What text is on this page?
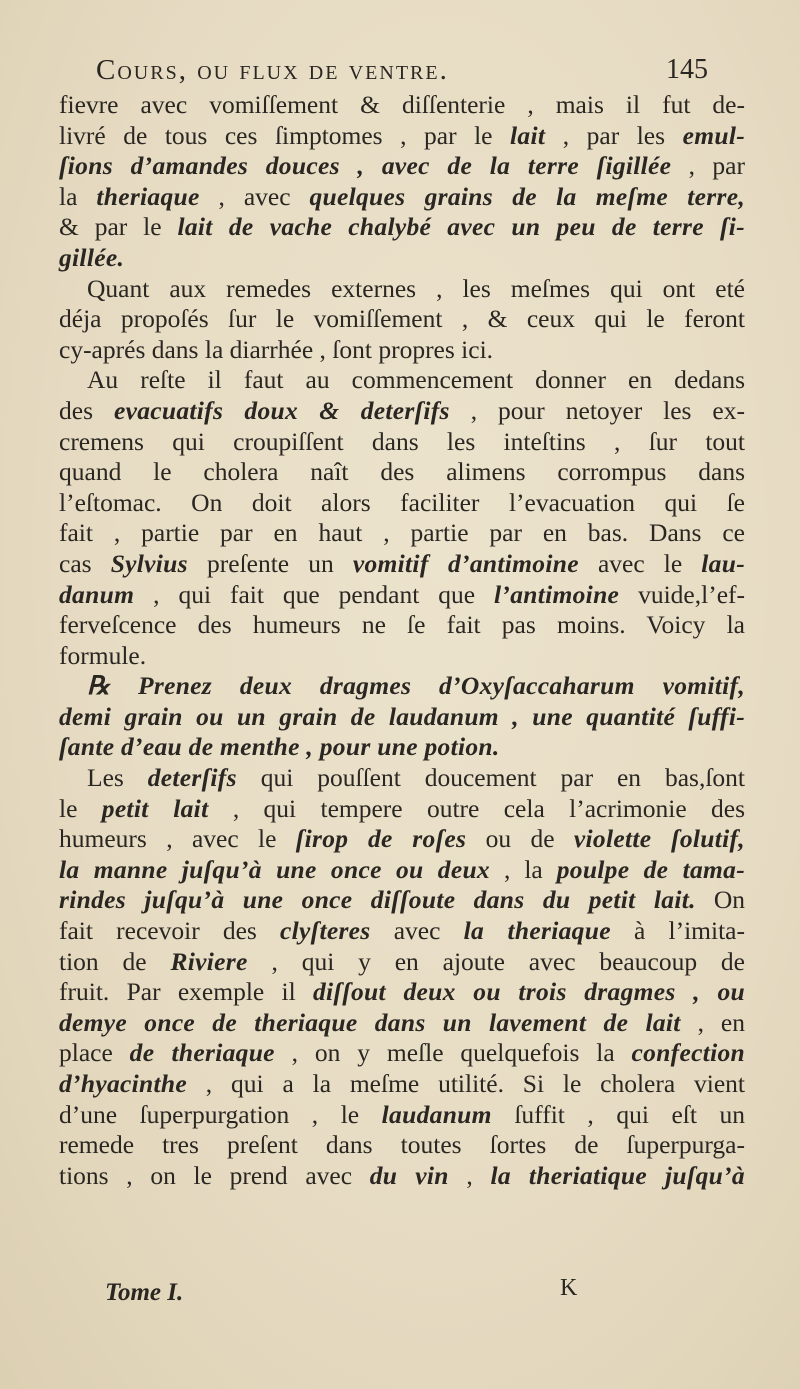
Cours, ou flux de ventre.	145
fievre avec vomiſſement & diſſenterie , mais il fut de-
livré de tous ces ſimptomes , par le lait , par les emul-
ſions d’amandes douces , avec de la terre ſigillée , par
la theriaque , avec quelques grains de la meſme terre,
& par le lait de vache chalybé avec un peu de terre ſi-
gillée.
Quant aux remedes externes , les meſmes qui ont eté
déja propoſés ſur le vomiſſement , & ceux qui le feront
cy-aprés dans la diarrhée , ſont propres ici.
Au reſte il faut au commencement donner en dedans
des evacuatifs doux & deterſifs , pour netoyer les ex-
cremens qui croupiſſent dans les inteſtins , ſur tout
quand le cholera naît des alimens corrompus dans
l’eſtomac. On doit alors faciliter l’evacuation qui ſe
fait , partie par en haut , partie par en bas. Dans ce
cas Sylvius preſente un vomitif d’antimoine avec le lau-
danum , qui fait que pendant que l’antimoine vuide,l’ef-
ferveſcence des humeurs ne ſe fait pas moins. Voicy la
formule.
℞ Prenez deux dragmes d’Oxyſaccaharum vomitif,
demi grain ou un grain de laudanum , une quantité ſuffi-
ſante d’eau de menthe , pour une potion.
Les deterſifs qui pouſſent doucement par en bas,ſont
le petit lait , qui tempere outre cela l’acrimonie des
humeurs , avec le ſirop de roſes ou de violette ſolutif,
la manne juſqu’à une once ou deux , la poulpe de tama-
rindes juſqu’à une once diſſoute dans du petit lait. On
fait recevoir des clyſteres avec la theriaque à l’imita-
tion de Riviere , qui y en ajoute avec beaucoup de
fruit. Par exemple il diſſout deux ou trois dragmes , ou
demye once de theriaque dans un lavement de lait , en
place de theriaque , on y meſle quelquefois la confection
d’hyacinthe , qui a la meſme utilité. Si le cholera vient
d’une ſuperpurgation , le laudanum ſuffit , qui eſt un
remede tres preſent dans toutes ſortes de ſuperpurga-
tions , on le prend avec du vin , la theriatique juſqu’à
Tome I.	K
